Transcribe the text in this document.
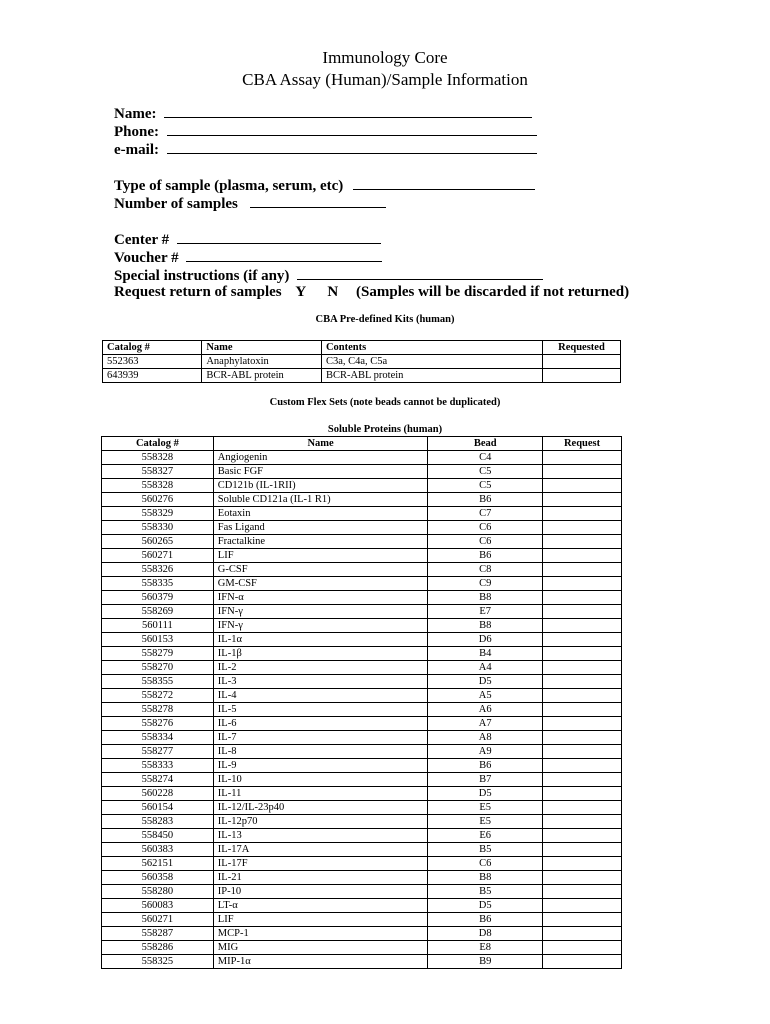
Immunology Core
CBA Assay (Human)/Sample Information
Name:
Phone:
e-mail:
Type of sample (plasma, serum, etc)
Number of samples
Center #
Voucher #
Special instructions (if any)
Request return of samples Y N (Samples will be discarded if not returned)
CBA Pre-defined Kits (human)
Catalog #	Name	Contents	Requested
552363	Anaphylatoxin	C3a, C4a, C5a	
643939	BCR-ABL protein	BCR-ABL protein	
Custom Flex Sets (note beads cannot be duplicated)
Soluble Proteins (human)
Catalog #	Name	Bead	Request
558328	Angiogenin	C4	
558327	Basic FGF	C5	
558328	CD121b (IL-1RII)	C5	
560276	Soluble CD121a (IL-1 R1)	B6	
558329	Eotaxin	C7	
558330	Fas Ligand	C6	
560265	Fractalkine	C6	
560271	LIF	B6	
558326	G-CSF	C8	
558335	GM-CSF	C9	
560379	IFN-α	B8	
558269	IFN-γ	E7	
560111	IFN-γ	B8	
560153	IL-1α	D6	
558279	IL-1β	B4	
558270	IL-2	A4	
558355	IL-3	D5	
558272	IL-4	A5	
558278	IL-5	A6	
558276	IL-6	A7	
558334	IL-7	A8	
558277	IL-8	A9	
558333	IL-9	B6	
558274	IL-10	B7	
560228	IL-11	D5	
560154	IL-12/IL-23p40	E5	
558283	IL-12p70	E5	
558450	IL-13	E6	
560383	IL-17A	B5	
562151	IL-17F	C6	
560358	IL-21	B8	
558280	IP-10	B5	
560083	LT-α	D5	
560271	LIF	B6	
558287	MCP-1	D8	
558286	MIG	E8	
558325	MIP-1α	B9	
